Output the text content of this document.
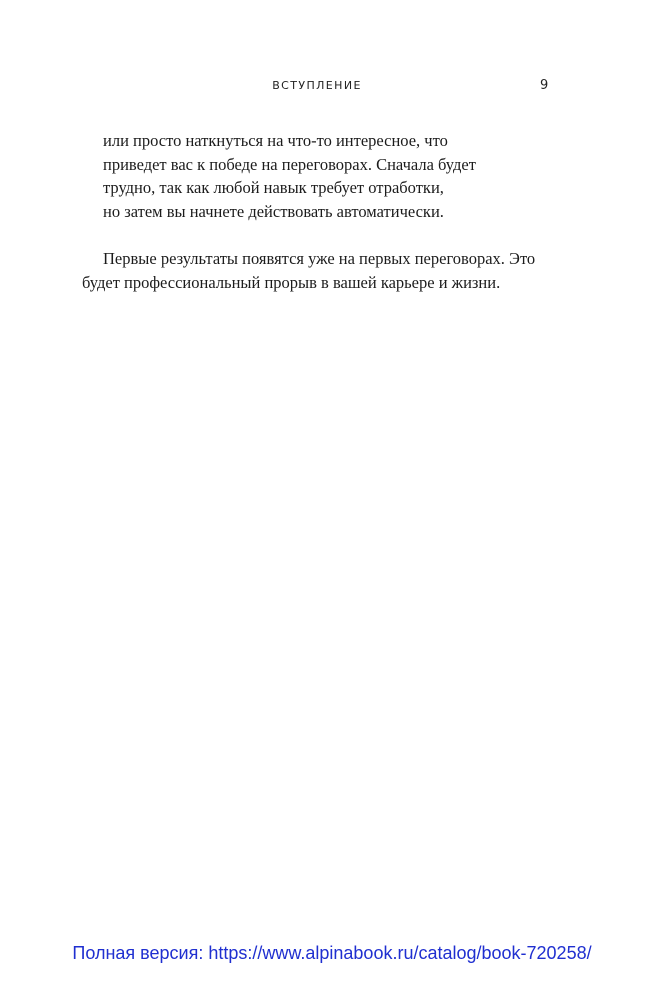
ВСТУПЛЕНИЕ	9
или просто наткнуться на что-то интересное, что
приведет вас к победе на переговорах. Сначала будет
трудно, так как любой навык требует отработки,
но затем вы начнете действовать автоматически.
Первые результаты появятся уже на первых переговорах. Это
будет профессиональный прорыв в вашей карьере и жизни.
Полная версия: https://www.alpinabook.ru/catalog/book-720258/
